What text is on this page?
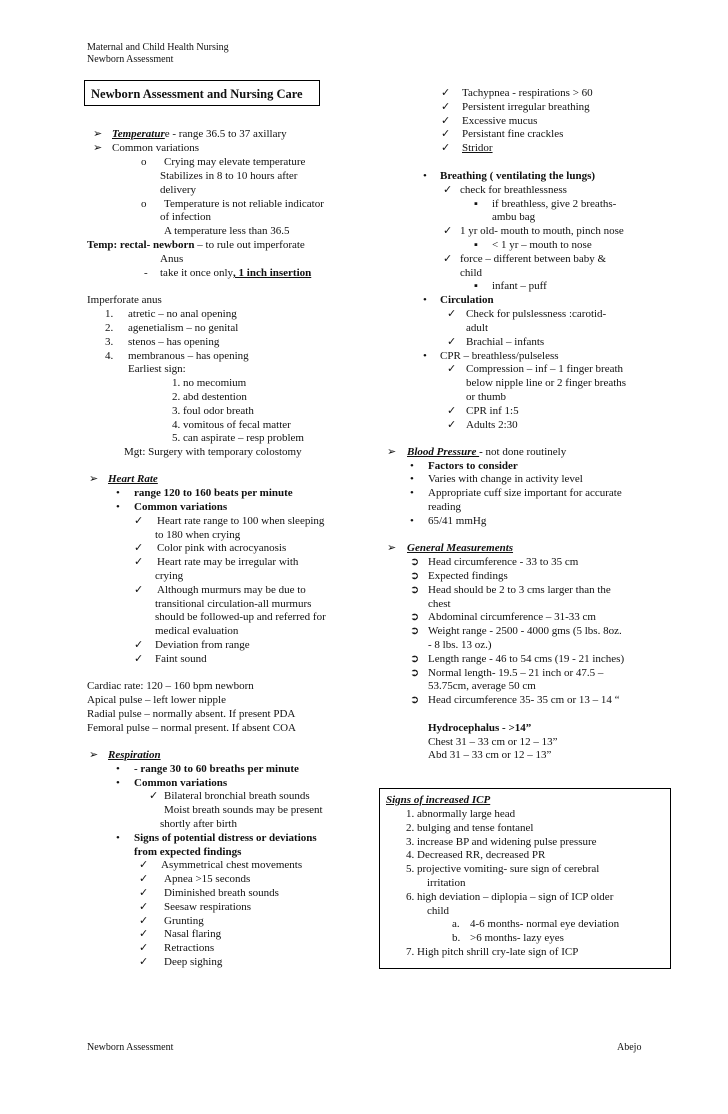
Maternal and Child Health Nursing
Newborn Assessment
Newborn Assessment and Nursing Care
➢ Temperature - range 36.5 to 37 axillary
➢ Common variations
o Crying may elevate temperature
Stabilizes in 8 to 10 hours after
delivery
o Temperature is not reliable indicator
of infection
A temperature less than 36.5
Temp: rectal- newborn – to rule out imperforate
Anus
- take it once only, 1 inch insertion
Imperforate anus
1. atretic – no anal opening
2. agenetialism – no genital
3. stenos – has opening
4. membranous – has opening
Earliest sign:
1. no mecomium
2. abd destention
3. foul odor breath
4. vomitous of fecal matter
5. can aspirate – resp problem
Mgt: Surgery with temporary colostomy
➢ Heart Rate
• range 120 to 160 beats per minute
• Common variations
✓ Heart rate range to 100 when sleeping
to 180 when crying
✓ Color pink with acrocyanosis
✓ Heart rate may be irregular with
crying
✓ Although murmurs may be due to
transitional circulation-all murmurs
should be followed-up and referred for
medical evaluation
✓ Deviation from range
✓ Faint sound
Cardiac rate: 120 – 160 bpm newborn
Apical pulse – left lower nipple
Radial pulse – normally absent. If present PDA
Femoral pulse – normal present. If absent COA
➢ Respiration
• - range 30 to 60 breaths per minute
• Common variations
✓ Bilateral bronchial breath sounds
Moist breath sounds may be present
shortly after birth
• Signs of potential distress or deviations
from expected findings
✓ Asymmetrical chest movements
✓ Apnea >15 seconds
✓ Diminished breath sounds
✓ Seesaw respirations
✓ Grunting
✓ Nasal flaring
✓ Retractions
✓ Deep sighing
✓ Tachypnea - respirations > 60
✓ Persistent irregular breathing
✓ Excessive mucus
✓ Persistant fine crackles
✓ Stridor
• Breathing ( ventilating the lungs)
✓ check for breathlessness
▪ if breathless, give 2 breaths-
ambu bag
✓ 1 yr old- mouth to mouth, pinch nose
▪ < 1 yr – mouth to nose
✓ force – different between baby &
child
▪ infant – puff
• Circulation
✓ Check for pulslessness :carotid-
adult
✓ Brachial – infants
• CPR – breathless/pulseless
✓ Compression – inf – 1 finger breath
below nipple line or 2 finger breaths
or thumb
✓ CPR inf 1:5
✓ Adults 2:30
➢ Blood Pressure - not done routinely
• Factors to consider
• Varies with change in activity level
• Appropriate cuff size important for accurate
reading
• 65/41 mmHg
➢ General Measurements
➲ Head circumference - 33 to 35 cm
➲ Expected findings
➲ Head should be 2 to 3 cms larger than the
chest
➲ Abdominal circumference – 31-33 cm
➲ Weight range - 2500 - 4000 gms (5 lbs. 8oz.
- 8 lbs. 13 oz.)
➲ Length range - 46 to 54 cms (19 - 21 inches)
➲ Normal length- 19.5 – 21 inch or 47.5 –
53.75cm, average 50 cm
➲ Head circumference 35- 35 cm or 13 – 14 “
Hydrocephalus - >14”
Chest 31 – 33 cm or 12 – 13”
Abd 31 – 33 cm or 12 – 13”
Signs of increased ICP
1. abnormally large head
2. bulging and tense fontanel
3. increase BP and widening pulse pressure
4. Decreased RR, decreased PR
5. projective vomiting- sure sign of cerebral
irritation
6. high deviation – diplopia – sign of ICP older
child
a. 4-6 months- normal eye deviation
b. >6 months- lazy eyes
7. High pitch shrill cry-late sign of ICP
Newborn Assessment	Abejo
